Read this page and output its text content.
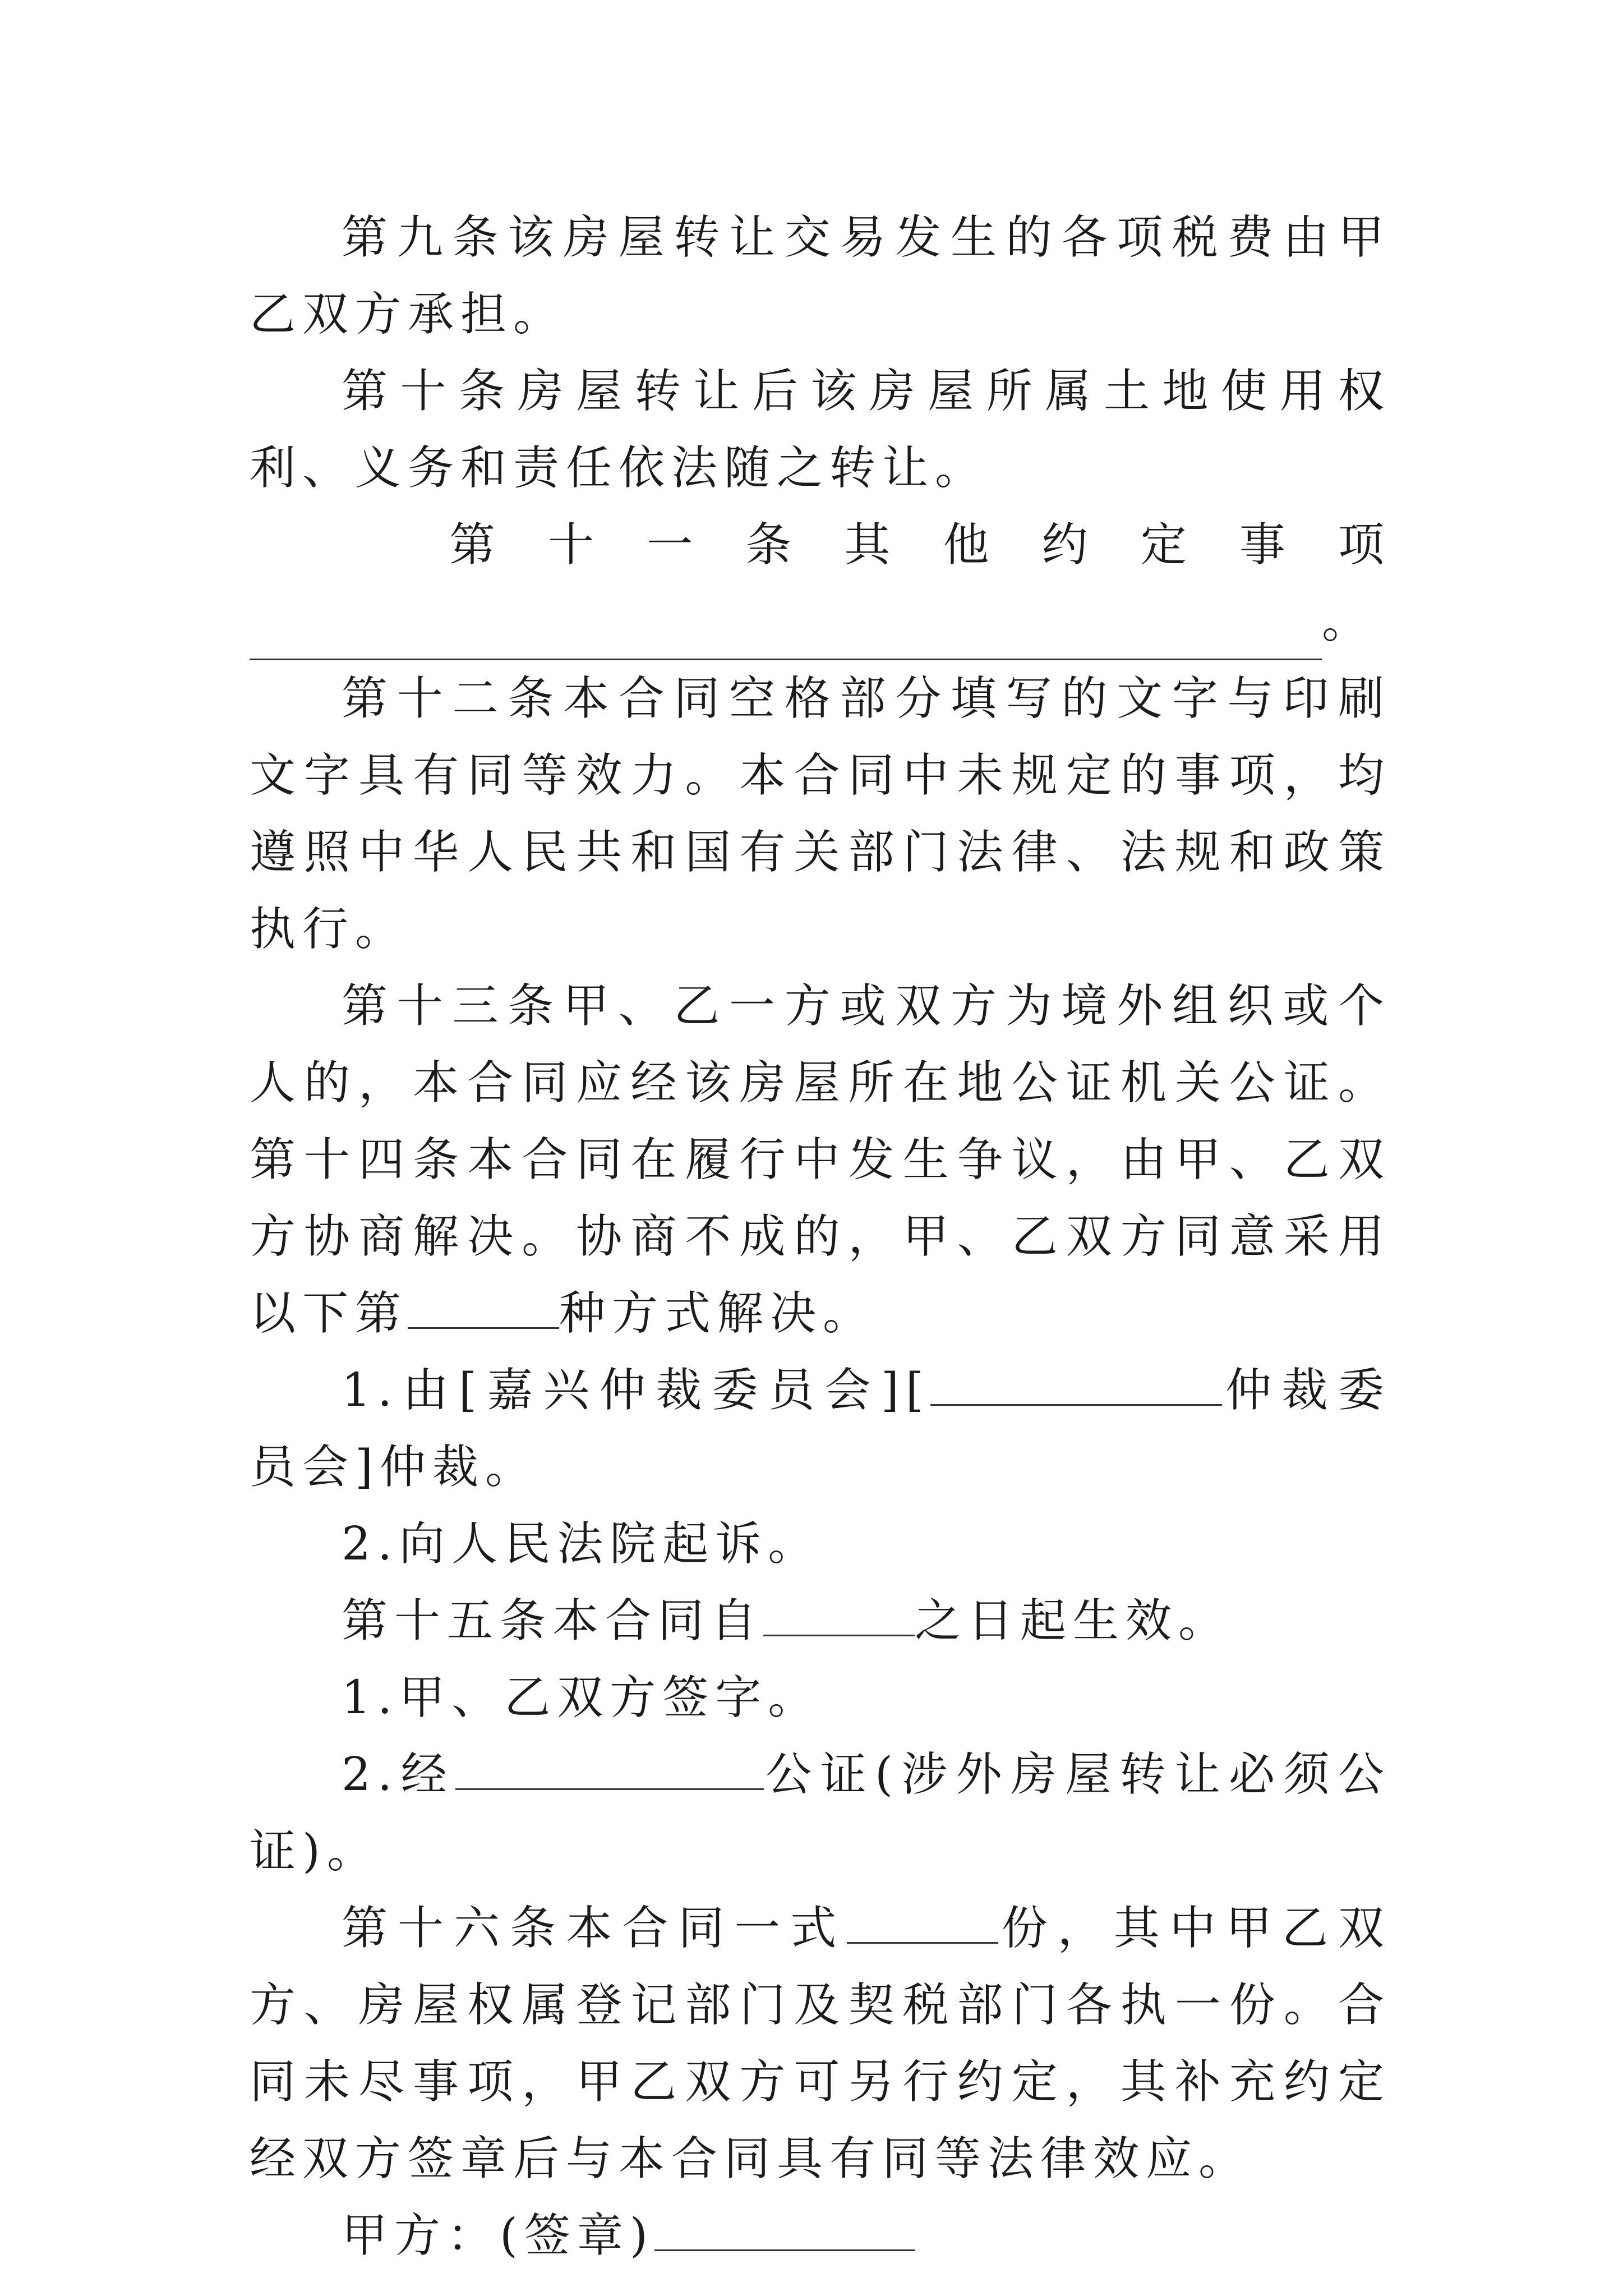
第九条该房屋转让交易发生的各项税费由甲乙双方承担。

第十条房屋转让后该房屋所属土地使用权利、义务和责任依法随之转让。

第 十 一 条 其 他 约 定 事 项

。

第十二条本合同空格部分填写的文字与印刷文字具有同等效力。本合同中未规定的事项，均遵照中华人民共和国有关部门法律、法规和政策执行。

第十三条甲、乙一方或双方为境外组织或个人的，本合同应经该房屋所在地公证机关公证。第十四条本合同在履行中发生争议，由甲、乙双方协商解决。协商不成的，甲、乙双方同意采用以下第	种方式解决。

1.由[嘉兴仲裁委员会][	仲裁委员会]仲裁。

2.向人民法院起诉。

第十五条本合同自	之日起生效。

1.甲、乙双方签字。

2.经	公证(涉外房屋转让必须公证)。

第十六条本合同一式	份，其中甲乙双方、房屋权属登记部门及契税部门各执一份。合同未尽事项，甲乙双方可另行约定，其补充约定经双方签章后与本合同具有同等法律效应。

甲方：(签章)
